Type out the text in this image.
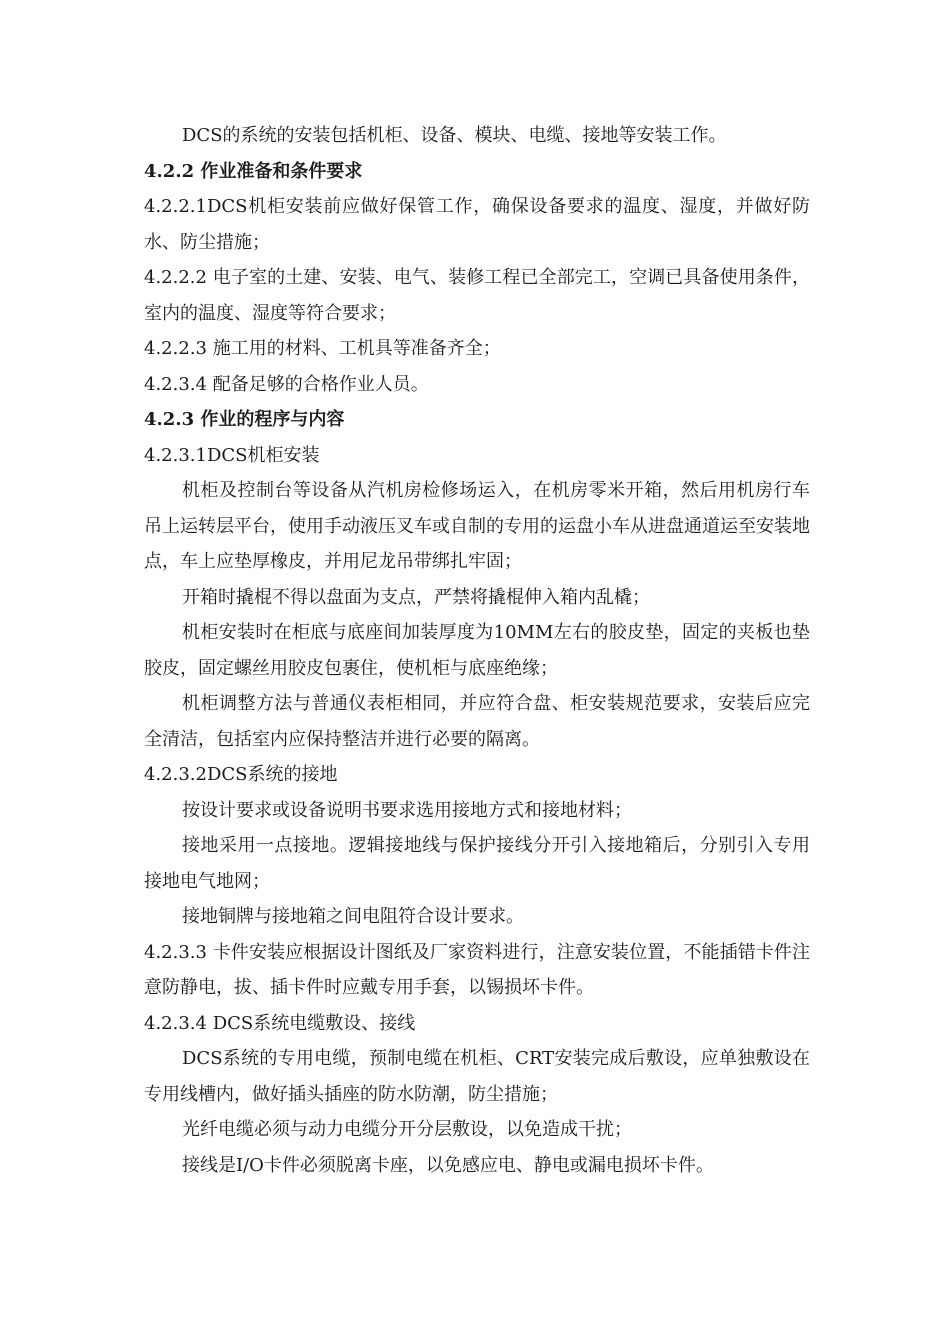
DCS的系统的安装包括机柜、设备、模块、电缆、接地等安装工作。

4.2.2 作业准备和条件要求

4.2.2.1DCS机柜安装前应做好保管工作，确保设备要求的温度、湿度，并做好防水、防尘措施；

4.2.2.2 电子室的土建、安装、电气、装修工程已全部完工，空调已具备使用条件，室内的温度、湿度等符合要求；

4.2.2.3 施工用的材料、工机具等准备齐全；

4.2.3.4 配备足够的合格作业人员。

4.2.3 作业的程序与内容

4.2.3.1DCS机柜安装

机柜及控制台等设备从汽机房检修场运入，在机房零米开箱，然后用机房行车吊上运转层平台，使用手动液压叉车或自制的专用的运盘小车从进盘通道运至安装地点，车上应垫厚橡皮，并用尼龙吊带绑扎牢固；

开箱时撬棍不得以盘面为支点，严禁将撬棍伸入箱内乱橇；

机柜安装时在柜底与底座间加装厚度为10MM左右的胶皮垫，固定的夹板也垫胶皮，固定螺丝用胶皮包裹住，使机柜与底座绝缘；

机柜调整方法与普通仪表柜相同，并应符合盘、柜安装规范要求，安装后应完全清洁，包括室内应保持整洁并进行必要的隔离。

4.2.3.2DCS系统的接地

按设计要求或设备说明书要求选用接地方式和接地材料；

接地采用一点接地。逻辑接地线与保护接线分开引入接地箱后，分别引入专用接地电气地网；

接地铜牌与接地箱之间电阻符合设计要求。

4.2.3.3 卡件安装应根据设计图纸及厂家资料进行，注意安装位置，不能插错卡件注意防静电，拔、插卡件时应戴专用手套，以锡损坏卡件。

4.2.3.4 DCS系统电缆敷设、接线

DCS系统的专用电缆，预制电缆在机柜、CRT安装完成后敷设，应单独敷设在专用线槽内，做好插头插座的防水防潮，防尘措施；

光纤电缆必须与动力电缆分开分层敷设，以免造成干扰；

接线是I/O卡件必须脱离卡座，以免感应电、静电或漏电损坏卡件。
